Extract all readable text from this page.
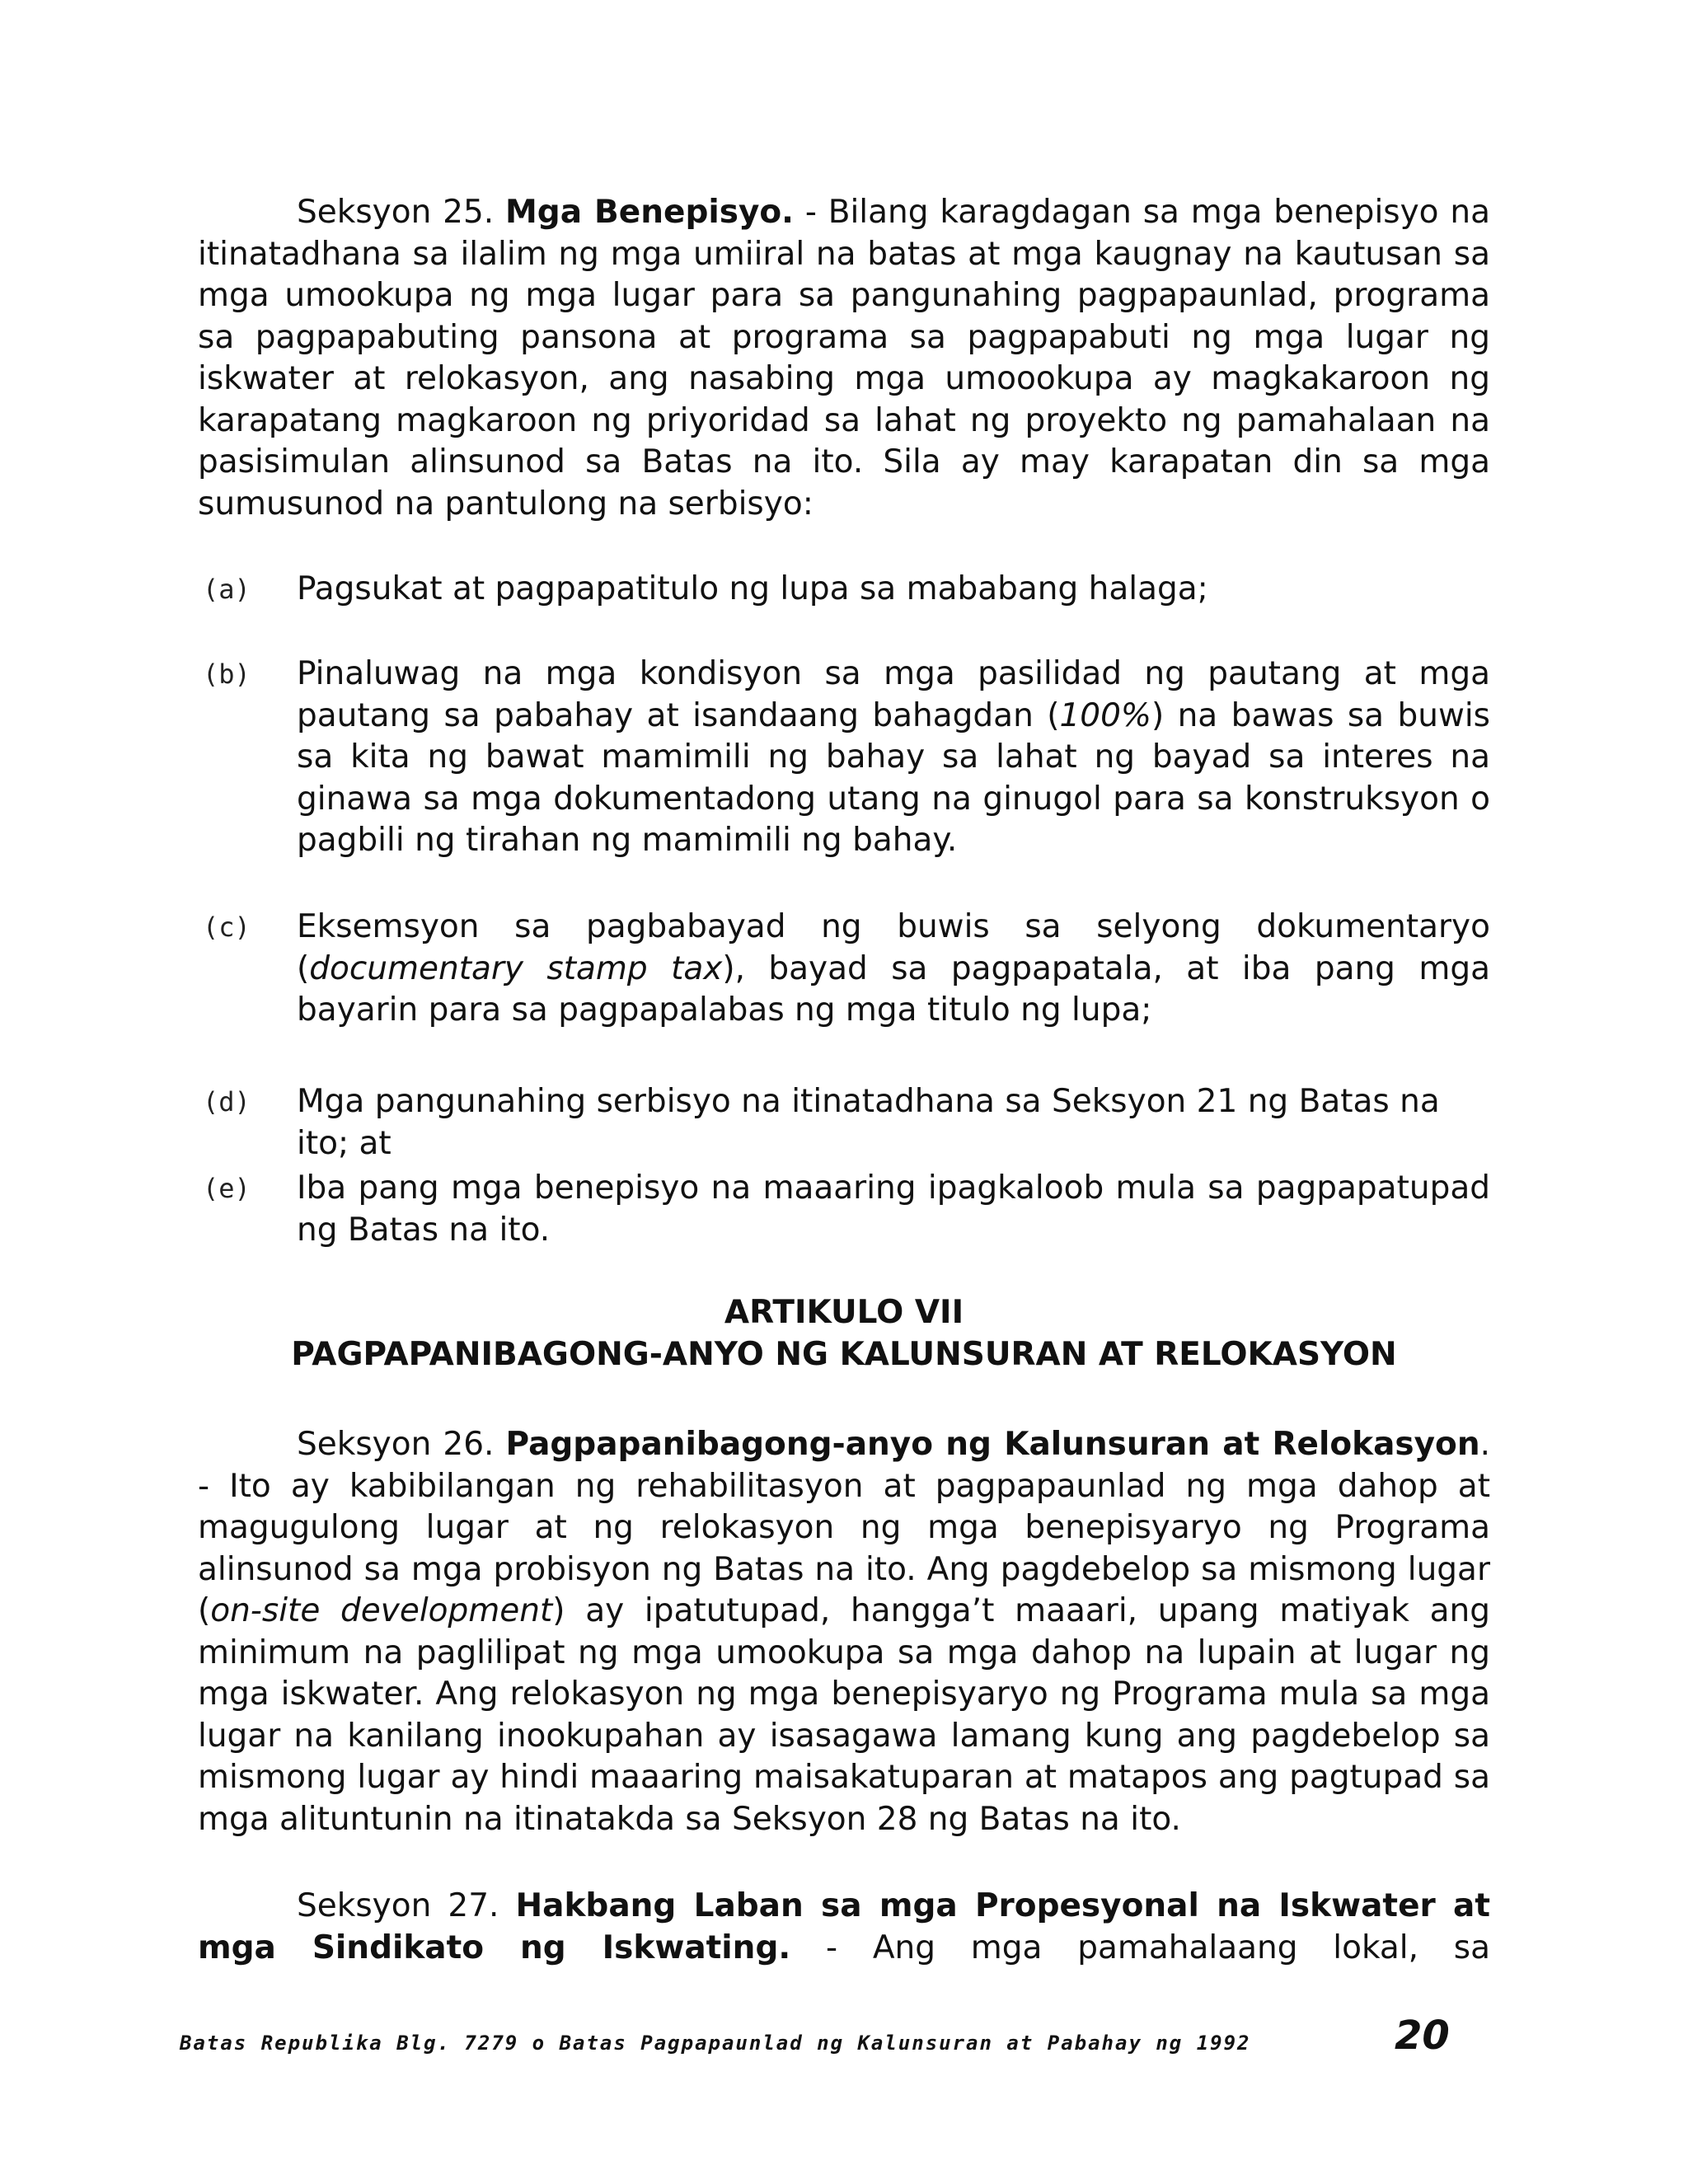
Seksyon 25. Mga Benepisyo. - Bilang karagdagan sa mga benepisyo na itinatadhana sa ilalim ng mga umiiral na batas at mga kaugnay na kautusan sa mga umookupa ng mga lugar para sa pangunahing pagpapaunlad, programa sa pagpapabuting pansona at programa sa pagpapabuti ng mga lugar ng iskwater at relokasyon, ang nasabing mga umoookupa ay magkakaroon ng karapatang magkaroon ng priyoridad sa lahat ng proyekto ng pamahalaan na pasisimulan alinsunod sa Batas na ito. Sila ay may karapatan din sa mga sumusunod na pantulong na serbisyo:

(a) Pagsukat at pagpapatitulo ng lupa sa mababang halaga;

(b) Pinaluwag na mga kondisyon sa mga pasilidad ng pautang at mga pautang sa pabahay at isandaang bahagdan (100%) na bawas sa buwis sa kita ng bawat mamimili ng bahay sa lahat ng bayad sa interes na ginawa sa mga dokumentadong utang na ginugol para sa konstruksyon o pagbili ng tirahan ng mamimili ng bahay.

(c) Eksemsyon sa pagbabayad ng buwis sa selyong dokumentaryo (documentary stamp tax), bayad sa pagpapatala, at iba pang mga bayarin para sa pagpapalabas ng mga titulo ng lupa;

(d) Mga pangunahing serbisyo na itinatadhana sa Seksyon 21 ng Batas na ito; at

(e) Iba pang mga benepisyo na maaaring ipagkaloob mula sa pagpapatupad ng Batas na ito.

ARTIKULO VII
PAGPAPANIBAGONG-ANYO NG KALUNSURAN AT RELOKASYON

Seksyon 26. Pagpapanibagong-anyo ng Kalunsuran at Relokasyon. - Ito ay kabibilangan ng rehabilitasyon at pagpapaunlad ng mga dahop at magugulong lugar at ng relokasyon ng mga benepisyaryo ng Programa alinsunod sa mga probisyon ng Batas na ito. Ang pagdebelop sa mismong lugar (on-site development) ay ipatutupad, hangga’t maaari, upang matiyak ang minimum na paglilipat ng mga umookupa sa mga dahop na lupain at lugar ng mga iskwater. Ang relokasyon ng mga benepisyaryo ng Programa mula sa mga lugar na kanilang inookupahan ay isasagawa lamang kung ang pagdebelop sa mismong lugar ay hindi maaaring maisakatuparan at matapos ang pagtupad sa mga alituntunin na itinatakda sa Seksyon 28 ng Batas na ito.

Seksyon 27. Hakbang Laban sa mga Propesyonal na Iskwater at mga Sindikato ng Iskwating. - Ang mga pamahalaang lokal, sa

Batas Republika Blg. 7279 o Batas Pagpapaunlad ng Kalunsuran at Pabahay ng 1992	20
